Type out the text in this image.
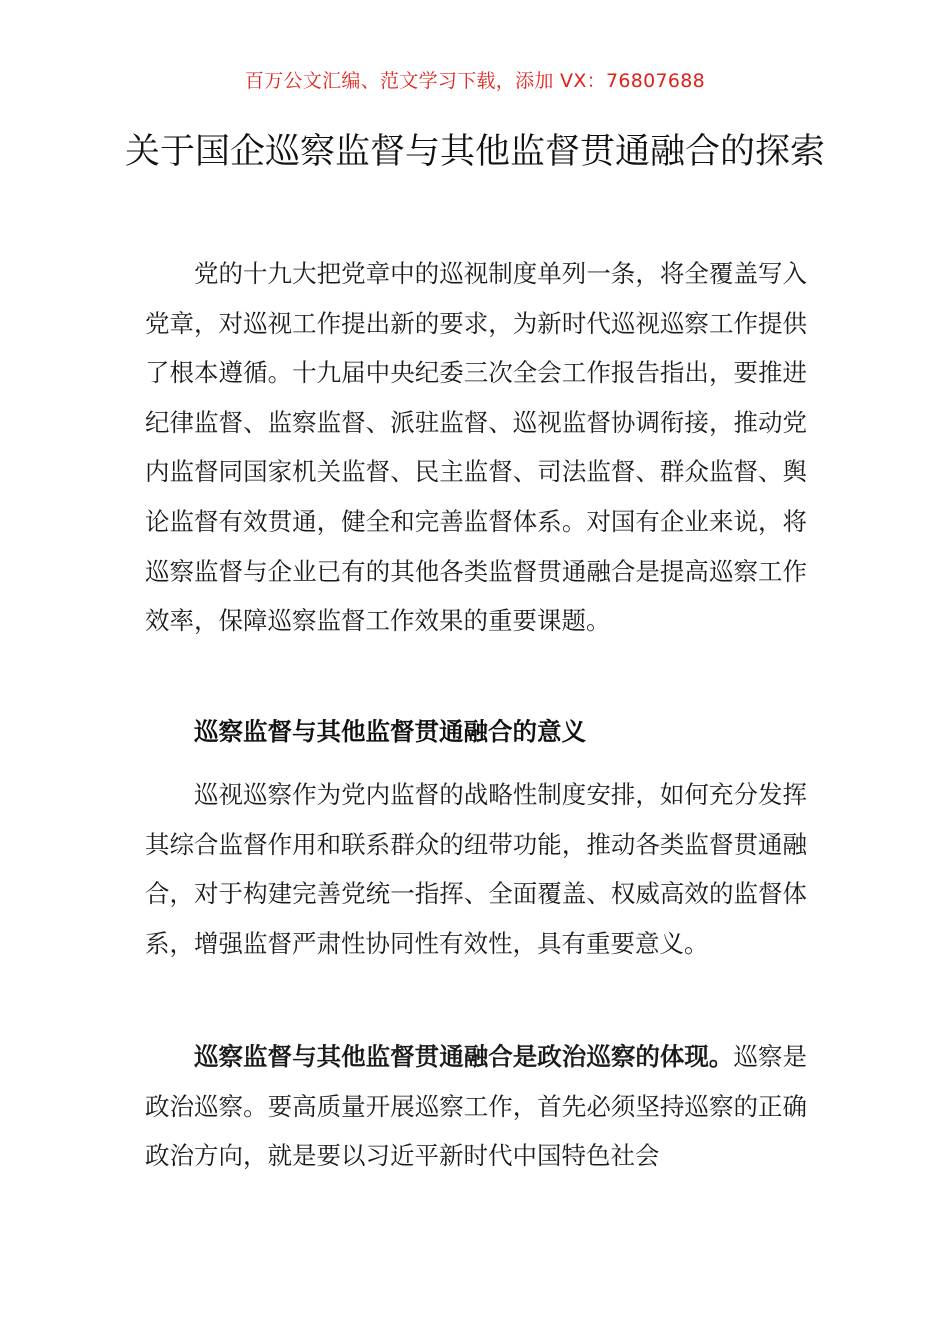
百万公文汇编、范文学习下载，添加 VX：76807688
关于国企巡察监督与其他监督贯通融合的探索

党的十九大把党章中的巡视制度单列一条，将全覆盖写入党章，对巡视工作提出新的要求，为新时代巡视巡察工作提供了根本遵循。十九届中央纪委三次全会工作报告指出，要推进纪律监督、监察监督、派驻监督、巡视监督协调衔接，推动党内监督同国家机关监督、民主监督、司法监督、群众监督、舆论监督有效贯通，健全和完善监督体系。对国有企业来说，将巡察监督与企业已有的其他各类监督贯通融合是提高巡察工作效率，保障巡察监督工作效果的重要课题。

巡察监督与其他监督贯通融合的意义

巡视巡察作为党内监督的战略性制度安排，如何充分发挥其综合监督作用和联系群众的纽带功能，推动各类监督贯通融合，对于构建完善党统一指挥、全面覆盖、权威高效的监督体系，增强监督严肃性协同性有效性，具有重要意义。

巡察监督与其他监督贯通融合是政治巡察的体现。巡察是政治巡察。要高质量开展巡察工作，首先必须坚持巡察的正确政治方向，就是要以习近平新时代中国特色社会
